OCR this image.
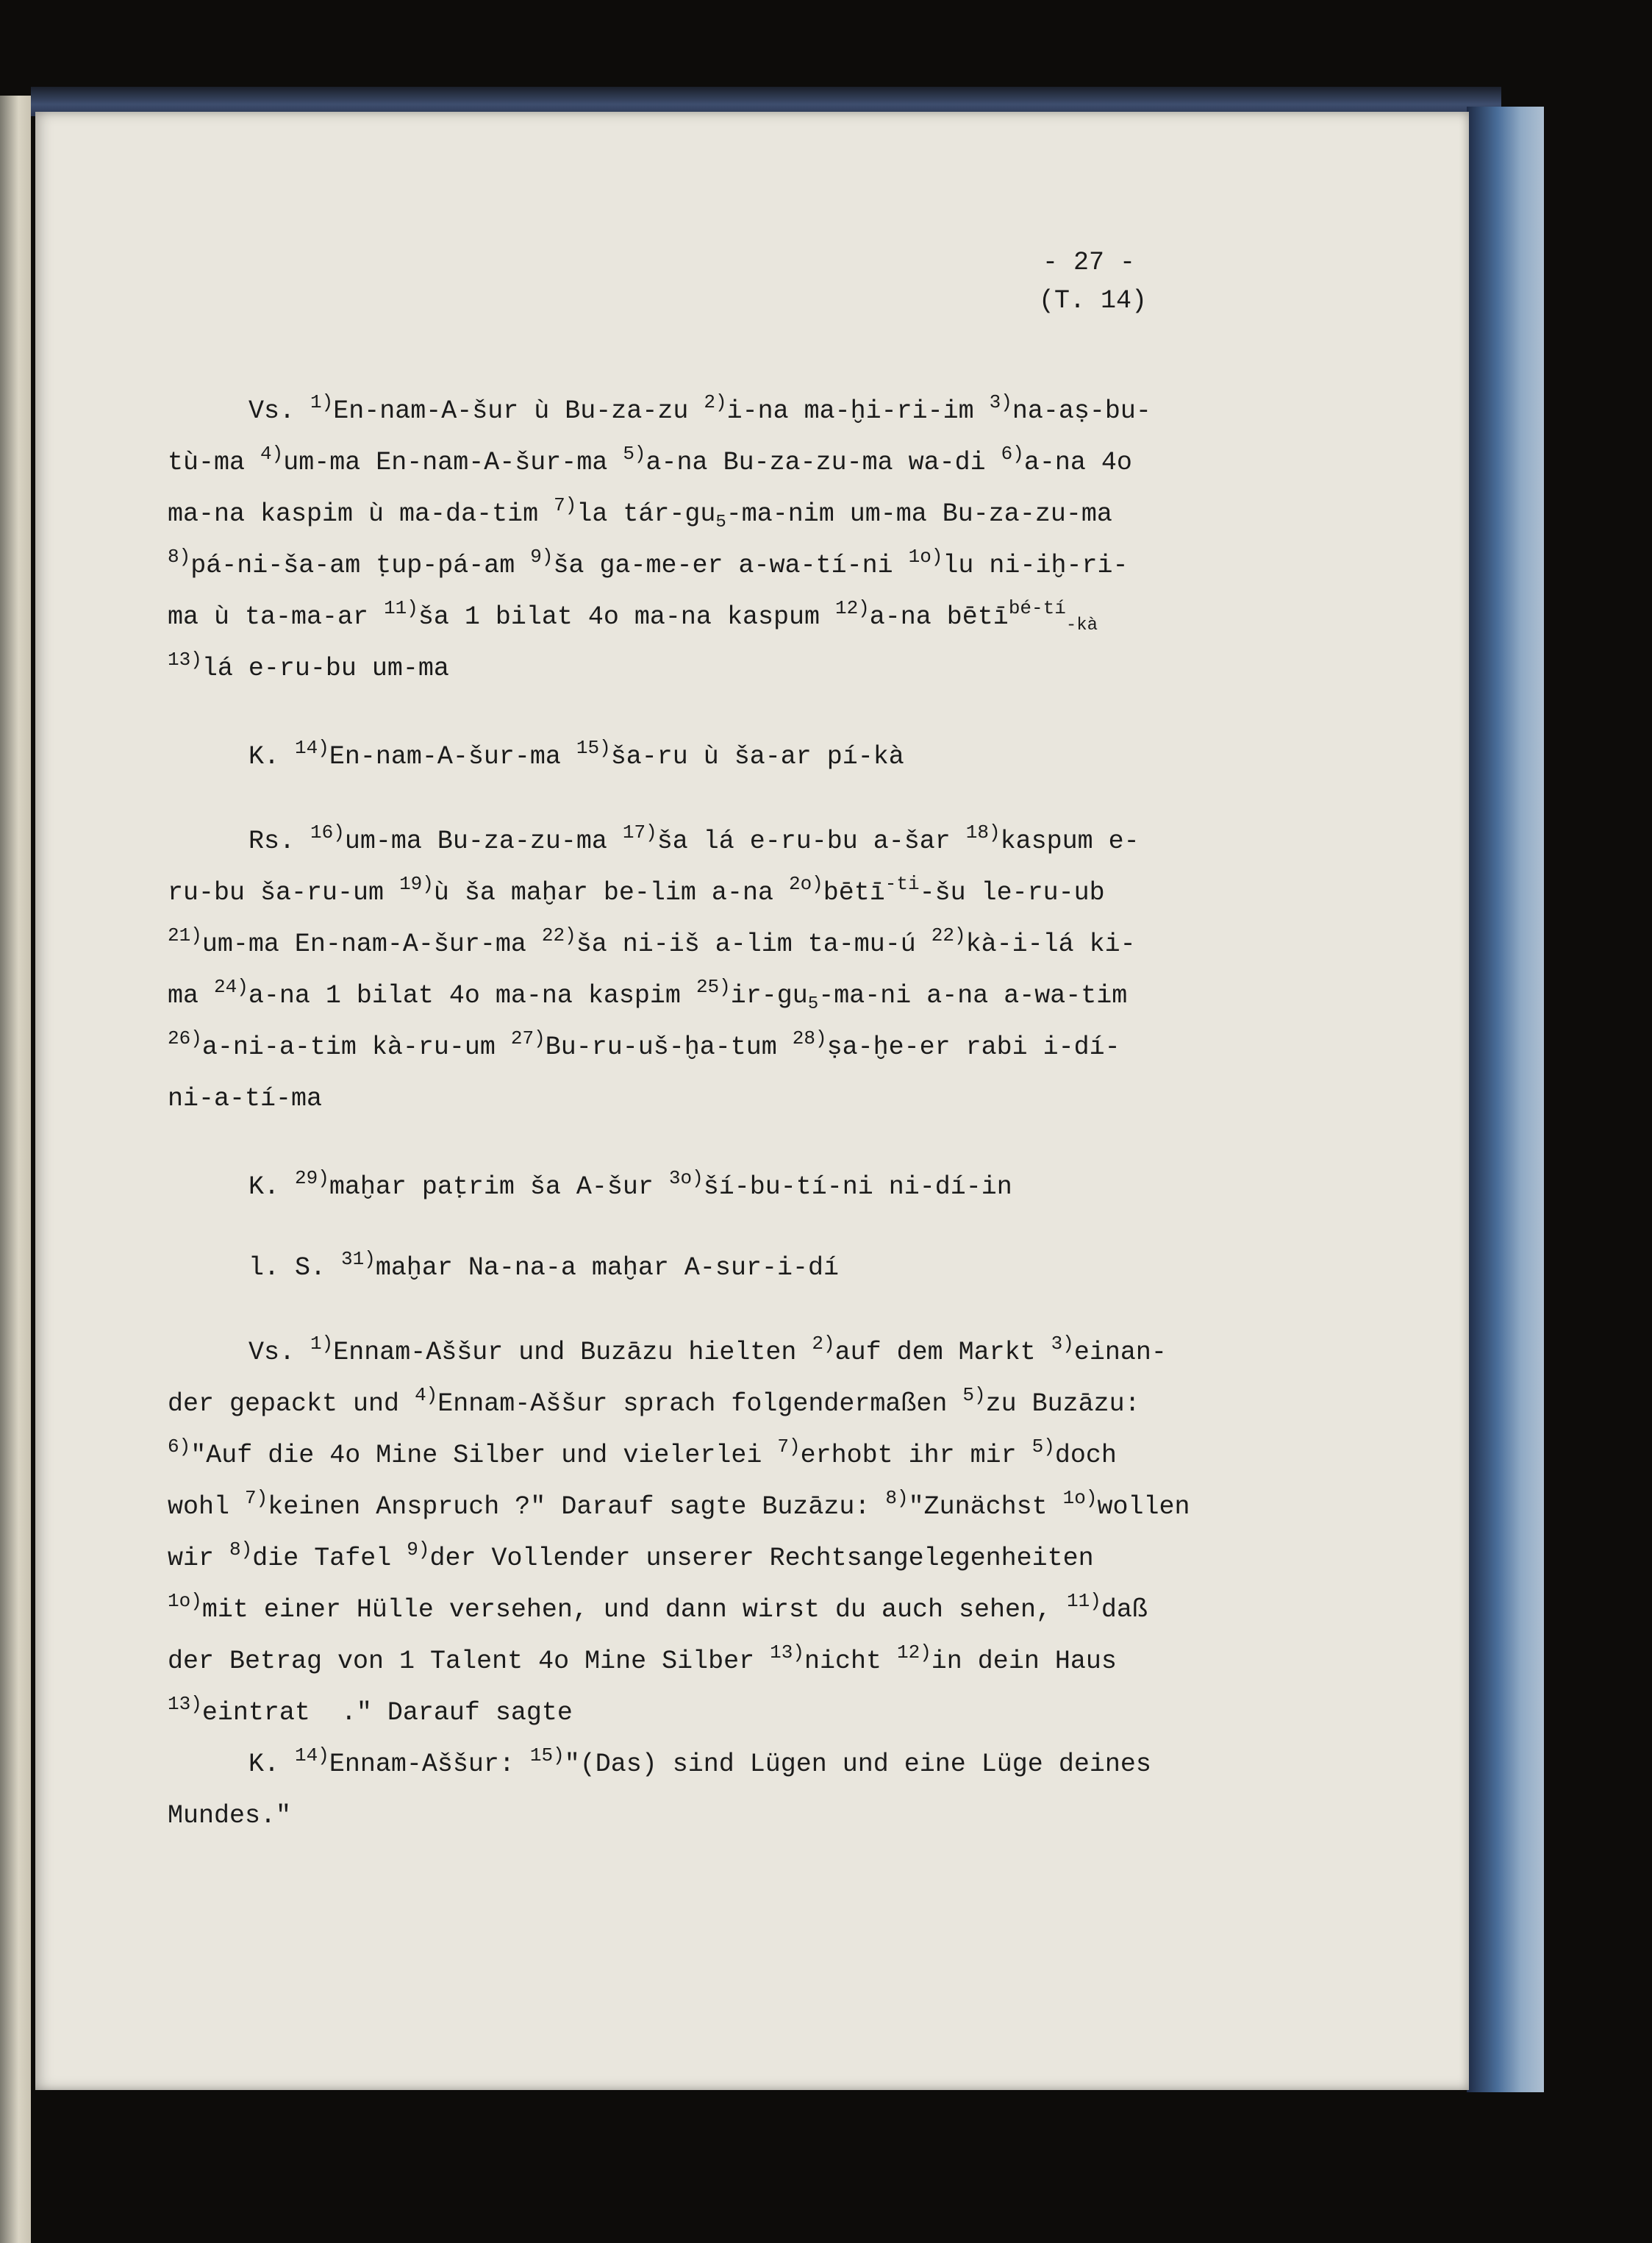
- 27 -
(T. 14)
Vs. $^{1)}$En-nam-A-šur ù Bu-za-zu $^{2)}$i-na ma-ḫi-ri-im $^{3)}$na-aṣ-bu-
tù-ma $^{4)}$um-ma En-nam-A-šur-ma $^{5)}$a-na Bu-za-zu-ma wa-di $^{6)}$a-na 4o
ma-na kaspim ù ma-da-tim $^{7)}$la tár-$gu_5-ma$-nim um-ma Bu-za-zu-ma
$^{8)}$pá-ni-ša-am ṭup-pá-am $^{9)}$ša ga-me-er a-wa-tí-ni $^{1o)}$lu ni-iḫ-ri-
ma ù ta-ma-ar $^{11)}$ša 1 bilat 4o ma-na kaspum $^{12)}$a-na bētī$^{bé-tí}_{-kà}$
$^{13)}$lá e-ru-bu um-ma
K. $^{14)}$En-nam-A-šur-ma $^{15)}$ša-ru ù ša-ar pí-kà
Rs. $^{16)}$um-ma Bu-za-zu-ma $^{17)}$ša lá e-ru-bu a-šar $^{18)}$kaspum e-
ru-bu ša-ru-um $^{19)}$ù ša maḫar be-lim a-na $^{2o)}$bētī$^{-ti}$-šu le-ru-ub
$^{21)}$um-ma En-nam-A-šur-ma $^{22)}$ša ni-iš a-lim ta-mu-ú $^{22)}$kà-i-lá ki-
ma $^{24)}$a-na 1 bilat 4o ma-na kaspim $^{25)}ir-gu_5-ma-ni$ a-na a-wa-tim
$^{26)}$a-ni-a-tim kà-ru-um $^{27)}$Bu-ru-uš-ḫa-tum $^{28)}$ṣa-ḫe-er rabi i-dí-
ni-a-tí-ma
K. $^{29)}$maḫar paṭrim ša A-šur $^{3o)}$ší-bu-tí-ni ni-dí-in
l. S. $^{31)}$maḫar Na-na-a maḫar A-sur-i-dí
Vs. $^{1)}$Ennam-Aššur und Buzāzu hielten $^{2)}$auf dem Markt $^{3)}$einan-
der gepackt und $^{4)}$Ennam-Aššur sprach folgendermaßen $^{5)}$zu Buzāzu:
$^{6)}$"Auf die 4o Mine Silber und vielerlei $^{7)}$erhobt ihr mir $^{5)}$doch
wohl $^{7)}$keinen Anspruch ?" Darauf sagte Buzāzu: $^{8)}$"Zunächst $^{1o)}$wollen
wir $^{8)}$die Tafel $^{9)}$der Vollender unserer Rechtsangelegenheiten
$^{1o)}$mit einer Hülle versehen, und dann wirst du auch sehen, $^{11)}$daß
der Betrag von 1 Talent 4o Mine Silber $^{13)}$nicht $^{12)}$in dein Haus
$^{13)}$eintrat  ." Darauf sagte
K. $^{14)}$Ennam-Aššur: $^{15)}$"(Das) sind Lügen und eine Lüge deines
Mundes."
